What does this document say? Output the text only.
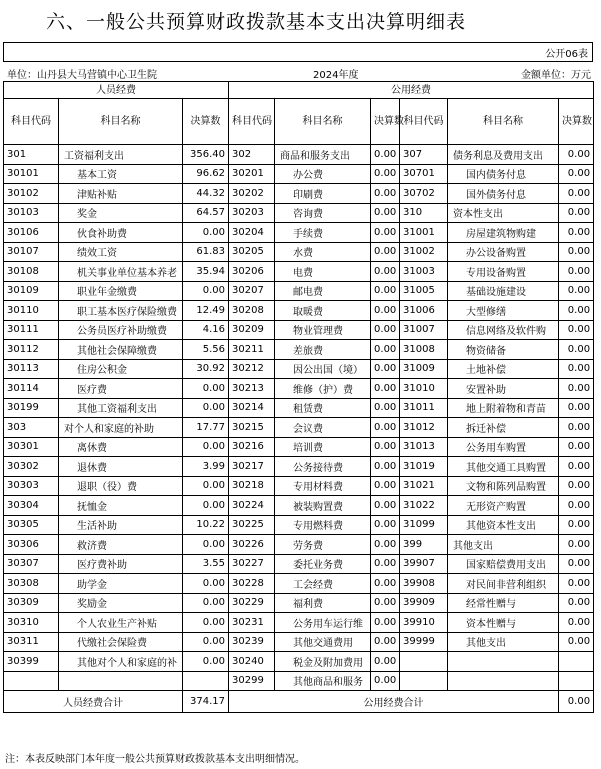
六、一般公共预算财政拨款基本支出决算明细表
公开06表
单位：山丹县大马营镇中心卫生院	2024年度	金额单位：万元
人员经费			公用经费					
科目代码	科目名称	决算数	科目代码	科目名称	决算数	科目代码	科目名称	决算数
301	工资福利支出	356.40	302	商品和服务支出	0.00	307	债务利息及费用支出	0.00
30101	基本工资	96.62	30201	办公费	0.00	30701	国内债务付息	0.00
30102	津贴补贴	44.32	30202	印刷费	0.00	30702	国外债务付息	0.00
30103	奖金	64.57	30203	咨询费	0.00	310	资本性支出	0.00
30106	伙食补助费	0.00	30204	手续费	0.00	31001	房屋建筑物购建	0.00
30107	绩效工资	61.83	30205	水费	0.00	31002	办公设备购置	0.00
30108	机关事业单位基本养老	35.94	30206	电费	0.00	31003	专用设备购置	0.00
30109	职业年金缴费	0.00	30207	邮电费	0.00	31005	基础设施建设	0.00
30110	职工基本医疗保险缴费	12.49	30208	取暖费	0.00	31006	大型修缮	0.00
30111	公务员医疗补助缴费	4.16	30209	物业管理费	0.00	31007	信息网络及软件购	0.00
30112	其他社会保障缴费	5.56	30211	差旅费	0.00	31008	物资储备	0.00
30113	住房公积金	30.92	30212	因公出国（境）	0.00	31009	土地补偿	0.00
30114	医疗费	0.00	30213	维修（护）费	0.00	31010	安置补助	0.00
30199	其他工资福利支出	0.00	30214	租赁费	0.00	31011	地上附着物和青苗	0.00
303	对个人和家庭的补助	17.77	30215	会议费	0.00	31012	拆迁补偿	0.00
30301	离休费	0.00	30216	培训费	0.00	31013	公务用车购置	0.00
30302	退休费	3.99	30217	公务接待费	0.00	31019	其他交通工具购置	0.00
30303	退职（役）费	0.00	30218	专用材料费	0.00	31021	文物和陈列品购置	0.00
30304	抚恤金	0.00	30224	被装购置费	0.00	31022	无形资产购置	0.00
30305	生活补助	10.22	30225	专用燃料费	0.00	31099	其他资本性支出	0.00
30306	救济费	0.00	30226	劳务费	0.00	399	其他支出	0.00
30307	医疗费补助	3.55	30227	委托业务费	0.00	39907	国家赔偿费用支出	0.00
30308	助学金	0.00	30228	工会经费	0.00	39908	对民间非营利组织	0.00
30309	奖励金	0.00	30229	福利费	0.00	39909	经常性赠与	0.00
30310	个人农业生产补贴	0.00	30231	公务用车运行维	0.00	39910	资本性赠与	0.00
30311	代缴社会保险费	0.00	30239	其他交通费用	0.00	39999	其他支出	0.00
30399	其他对个人和家庭的补	0.00	30240	税金及附加费用	0.00			
			30299	其他商品和服务	0.00			
人员经费合计		374.17	公用经费合计					0.00
注：本表反映部门本年度一般公共预算财政拨款基本支出明细情况。
